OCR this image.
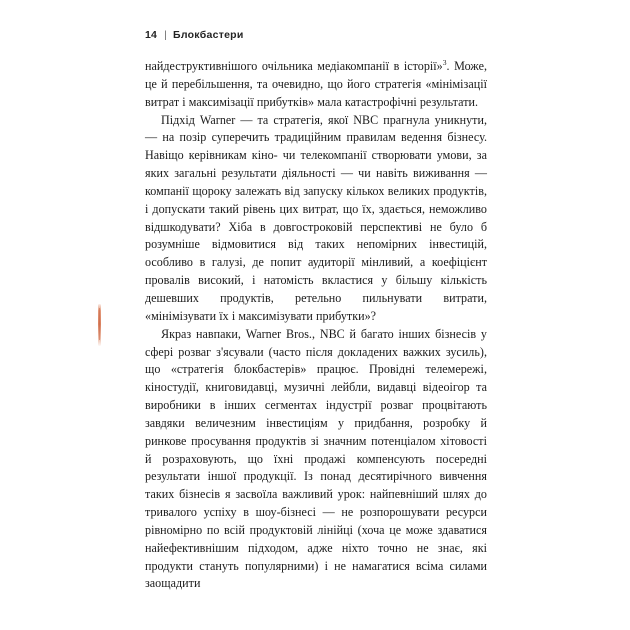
14 | Блокбастери

найдеструктивнішого очільника медіакомпанії в історії»$^3$. Може, це й перебільшення, та очевидно, що його стратегія «мінімізації витрат і максимізації прибутків» мала катастрофічні результати.

Підхід Warner — та стратегія, якої NBC прагнула уникнути, — на позір суперечить традиційним правилам ведення бізнесу. Навіщо керівникам кіно- чи телекомпанії створювати умови, за яких загальні результати діяльності — чи навіть виживання — компанії щороку залежать від запуску кількох великих продуктів, і допускати такий рівень цих витрат, що їх, здається, неможливо відшкодувати? Хіба в довгостроковій перспективі не було б розумніше відмовитися від таких непомірних інвестицій, особливо в галузі, де попит аудиторії мінливий, а коефіцієнт провалів високий, і натомість вкластися у більшу кількість дешевших продуктів, ретельно пильнувати витрати, «мінімізувати їх і максимізувати прибутки»?

Якраз навпаки, Warner Bros., NBC й багато інших бізнесів у сфері розваг з'ясували (часто після докладених важких зусиль), що «стратегія блокбастерів» працює. Провідні телемережі, кіностудії, книговидавці, музичні лейбли, видавці відеоігор та виробники в інших сегментах індустрії розваг процвітають завдяки величезним інвестиціям у придбання, розробку й ринкове просування продуктів зі значним потенціалом хітовості й розраховують, що їхні продажі компенсують посередні результати іншої продукції. Із понад десятирічного вивчення таких бізнесів я засвоїла важливий урок: найпевніший шлях до тривалого успіху в шоу-бізнесі — не розпорошувати ресурси рівномірно по всій продуктовій лінійці (хоча це може здаватися найефективнішим підходом, адже ніхто точно не знає, які продукти стануть популярними) і не намагатися всіма силами заощадити
